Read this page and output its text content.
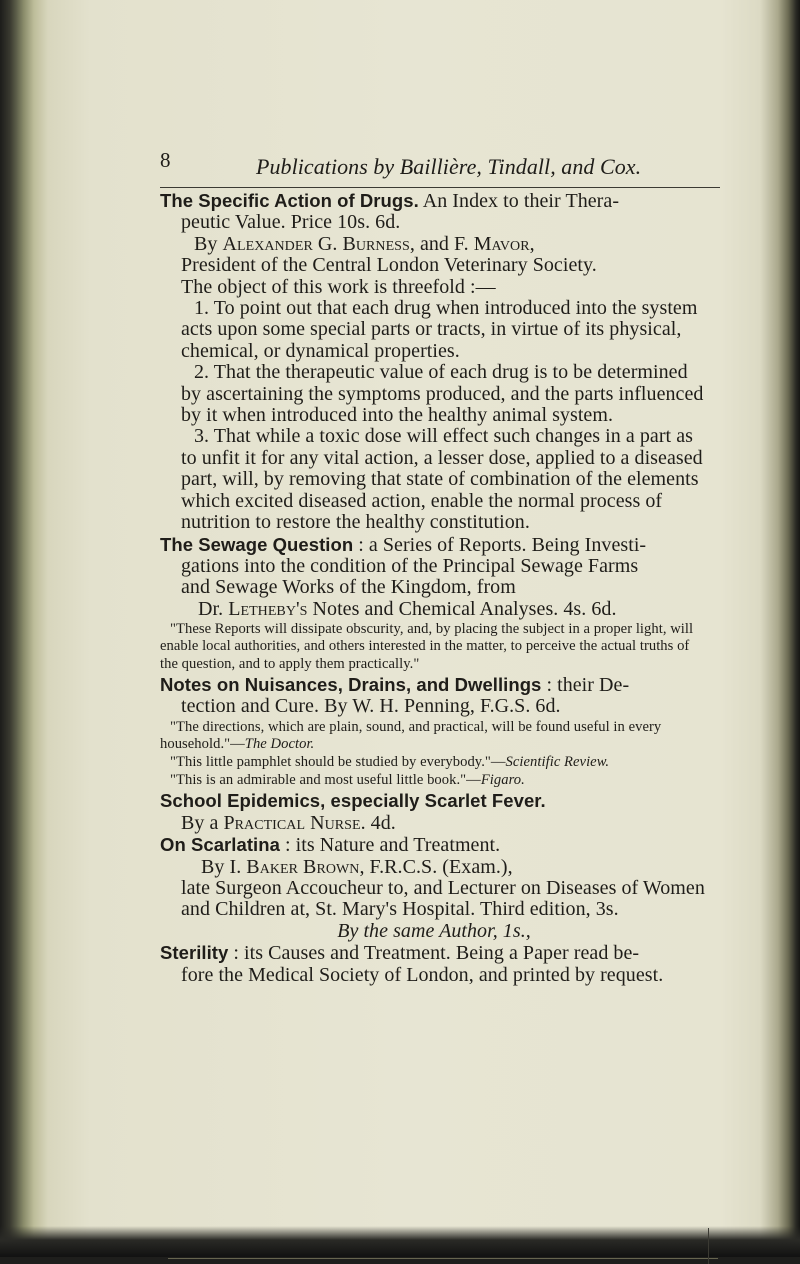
8	Publications by Baillière, Tindall, and Cox.
The Specific Action of Drugs. An Index to their Thera-
peutic Value. Price 10s. 6d.
By Alexander G. Burness, and F. Mavor,
President of the Central London Veterinary Society.
The object of this work is threefold :—
1. To point out that each drug when introduced into the system acts upon some special parts or tracts, in virtue of its physical, chemical, or dynamical properties.
2. That the therapeutic value of each drug is to be determined by ascertaining the symptoms produced, and the parts influenced by it when introduced into the healthy animal system.
3. That while a toxic dose will effect such changes in a part as to unfit it for any vital action, a lesser dose, applied to a diseased part, will, by removing that state of combination of the elements which excited diseased action, enable the normal process of nutrition to restore the healthy constitution.
The Sewage Question : a Series of Reports. Being Investi-
gations into the condition of the Principal Sewage Farms
and Sewage Works of the Kingdom, from
Dr. Letheby's Notes and Chemical Analyses. 4s. 6d.
"These Reports will dissipate obscurity, and, by placing the subject in a proper light, will enable local authorities, and others interested in the matter, to perceive the actual truths of the question, and to apply them practically."
Notes on Nuisances, Drains, and Dwellings : their De-
tection and Cure. By W. H. Penning, F.G.S. 6d.
"The directions, which are plain, sound, and practical, will be found useful in every household."—The Doctor.
"This little pamphlet should be studied by everybody."—Scientific Review.
"This is an admirable and most useful little book."—Figaro.
School Epidemics, especially Scarlet Fever.
By a Practical Nurse. 4d.
On Scarlatina : its Nature and Treatment.
By I. Baker Brown, F.R.C.S. (Exam.),
late Surgeon Accoucheur to, and Lecturer on Diseases of Women and Children at, St. Mary's Hospital. Third edition, 3s.
By the same Author, 1s.,
Sterility : its Causes and Treatment. Being a Paper read be-
fore the Medical Society of London, and printed by request.
